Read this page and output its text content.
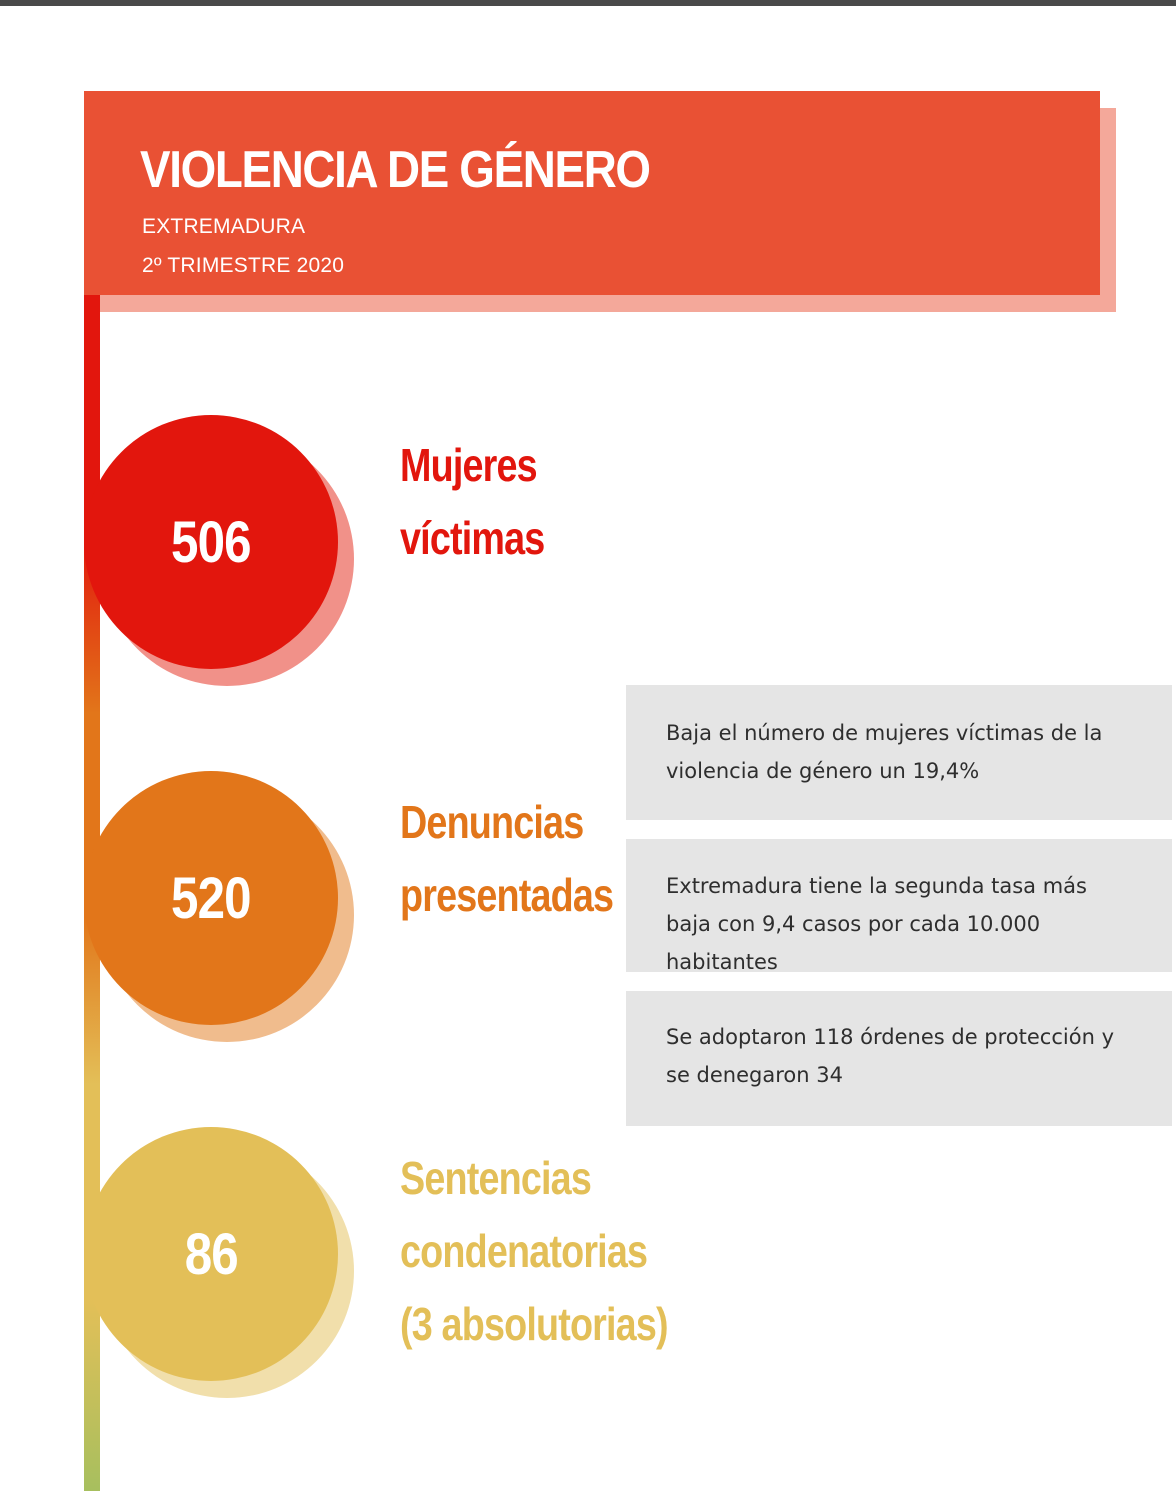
VIOLENCIA DE GÉNERO
EXTREMADURA
2º TRIMESTRE 2020
506
Mujeres
víctimas
520
Denuncias
presentadas
86
Sentencias
condenatorias
(3 absolutorias)
Baja el número de mujeres víctimas de la violencia de género un 19,4%
Extremadura tiene la segunda tasa más baja con 9,4 casos por cada 10.000 habitantes
Se adoptaron 118 órdenes de protección y se denegaron 34
